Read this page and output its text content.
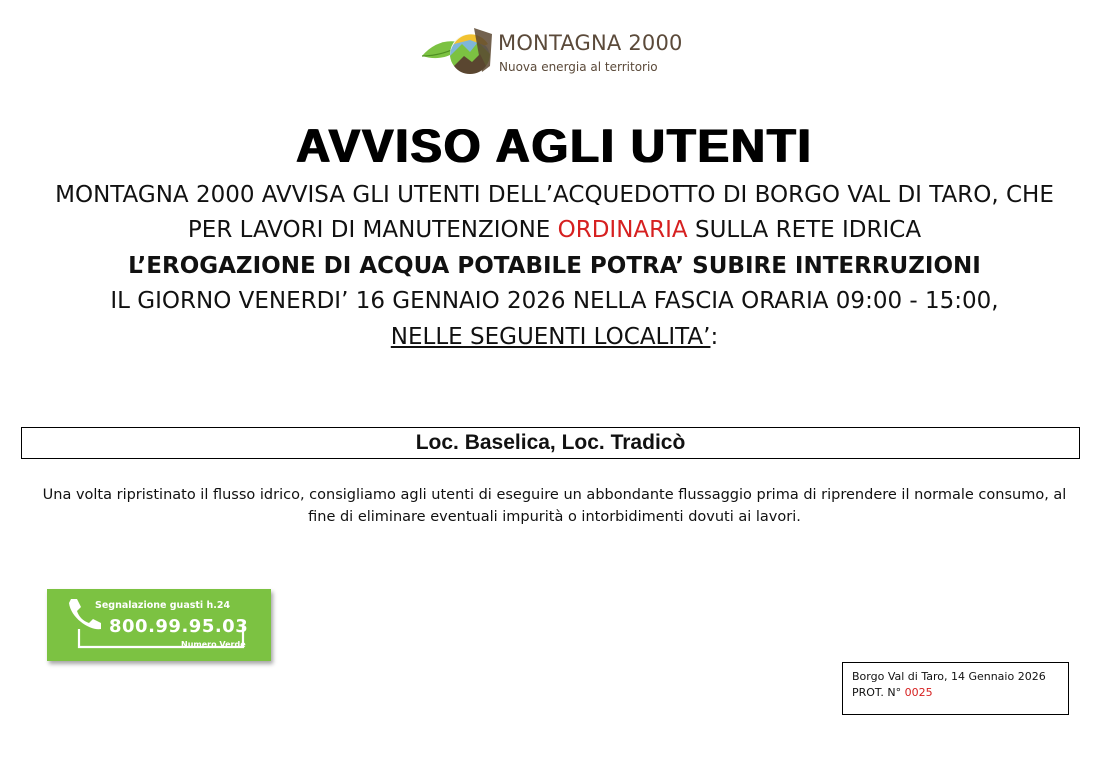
MONTAGNA 2000
Nuova energia al territorio
AVVISO AGLI UTENTI
MONTAGNA 2000 AVVISA GLI UTENTI DELL’ACQUEDOTTO DI BORGO VAL DI TARO, CHE
PER LAVORI DI MANUTENZIONE ORDINARIA SULLA RETE IDRICA
L’EROGAZIONE DI ACQUA POTABILE POTRA’ SUBIRE INTERRUZIONI
IL GIORNO VENERDI’ 16 GENNAIO 2026 NELLA FASCIA ORARIA 09:00 - 15:00,
NELLE SEGUENTI LOCALITA’:
Loc. Baselica, Loc. Tradicò
Una volta ripristinato il flusso idrico, consigliamo agli utenti di eseguire un abbondante flussaggio prima di riprendere il normale consumo, al fine di eliminare eventuali impurità o intorbidimenti dovuti ai lavori.
Segnalazione guasti h.24
800.99.95.03
Numero Verde
Borgo Val di Taro, 14 Gennaio 2026
PROT. N° 0025
